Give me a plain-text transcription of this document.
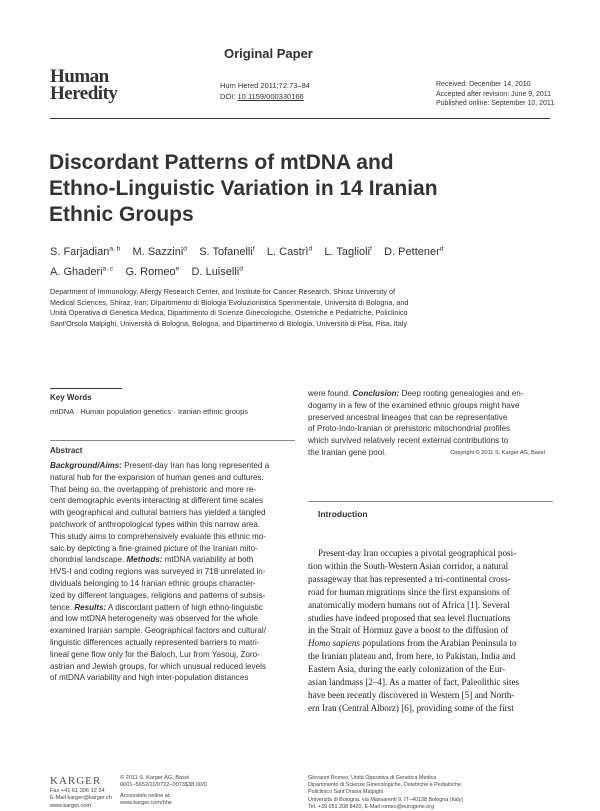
Original Paper
Human
Heredity	Hum Hered 2011;72:73–84
DOI: 10.1159/000330166
Received: December 14, 2010
Accepted after revision: June 9, 2011
Published online: September 10, 2011
Discordant Patterns of mtDNA and
Ethno-Linguistic Variation in 14 Iranian
Ethnic Groups
S. Farjadian$^{a, b}$ M. Sazzini$^d$ S. Tofanelli$^f$ L. Castrì$^d$ L. Taglioli$^f$ D. Pettener$^d$
A. Ghaderi$^{a, c}$ G. Romeo$^e$ D. Luiselli$^d$
Department of Immunology, Allergy Research Center, and Institute for Cancer Research, Shiraz University of
Medical Sciences, Shiraz, Iran; Dipartimento di Biologia Evoluzionistica Sperimentale, Università di Bologna, and
Unità Operativa di Genetica Medica, Dipartimento di Scienze Ginecologiche, Ostetriche e Pediatriche, Policlinico
Sant'Orsola Malpighi, Università di Bologna, Bologna, and Dipartimento di Biologia, Università di Pisa, Pisa, Italy
Key Words
mtDNA · Human population genetics · Iranian ethnic groups
Abstract
Background/Aims: Present-day Iran has long represented a
natural hub for the expansion of human genes and cultures.
That being so, the overlapping of prehistoric and more re-
cent demographic events interacting at different time scales
with geographical and cultural barriers has yielded a tangled
patchwork of anthropological types within this narrow area.
This study aims to comprehensively evaluate this ethnic mo-
saic by depicting a fine-grained picture of the Iranian mito-
chondrial landscape. Methods: mtDNA variability at both
HVS-I and coding regions was surveyed in 718 unrelated in-
dividuals belonging to 14 Iranian ethnic groups character-
ized by different languages, religions and patterns of subsis-
tence. Results: A discordant pattern of high ethno-linguistic
and low mtDNA heterogeneity was observed for the whole
examined Iranian sample. Geographical factors and cultural/
linguistic differences actually represented barriers to matri-
lineal gene flow only for the Baloch, Lur from Yasouj, Zoro-
astrian and Jewish groups, for which unusual reduced levels
of mtDNA variability and high inter-population distances
were found. Conclusion: Deep rooting genealogies and en-
dogamy in a few of the examined ethnic groups might have
preserved ancestral lineages that can be representative
of Proto-Indo-Iranian or prehistoric mitochondrial profiles
which survived relatively recent external contributions to
the Iranian gene pool.	Copyright © 2011 S. Karger AG, Basel
Introduction
Present-day Iran occupies a pivotal geographical posi-
tion within the South-Western Asian corridor, a natural
passageway that has represented a tri-continental cross-
road for human migrations since the first expansions of
anatomically modern humans out of Africa [1]. Several
studies have indeed proposed that sea level fluctuations
in the Strait of Hormuz gave a boost to the diffusion of
Homo sapiens populations from the Arabian Peninsula to
the Iranian plateau and, from here, to Pakistan, India and
Eastern Asia, during the early colonization of the Eur-
asian landmass [2–4]. As a matter of fact, Paleolithic sites
have been recently discovered in Western [5] and North-
ern Iran (Central Alborz) [6], providing some of the first
KARGER
Fax +41 61 306 12 34
E-Mail karger@karger.ch
www.karger.com
© 2011 S. Karger AG, Basel
0001–5652/11/0722–0073$38.00/0
Accessible online at:
www.karger.com/hhe
Giovanni Romeo, Unità Operativa di Genetica Medica
Dipartimento di Scienze Ginecologiche, Ostetriche e Pediatriche
Policlinico Sant'Orsola Malpighi
Università di Bologna, via Massarenti 9, IT–40138 Bologna (Italy)
Tel. +39 051 208 8420, E-Mail romeo@eurogene.org
